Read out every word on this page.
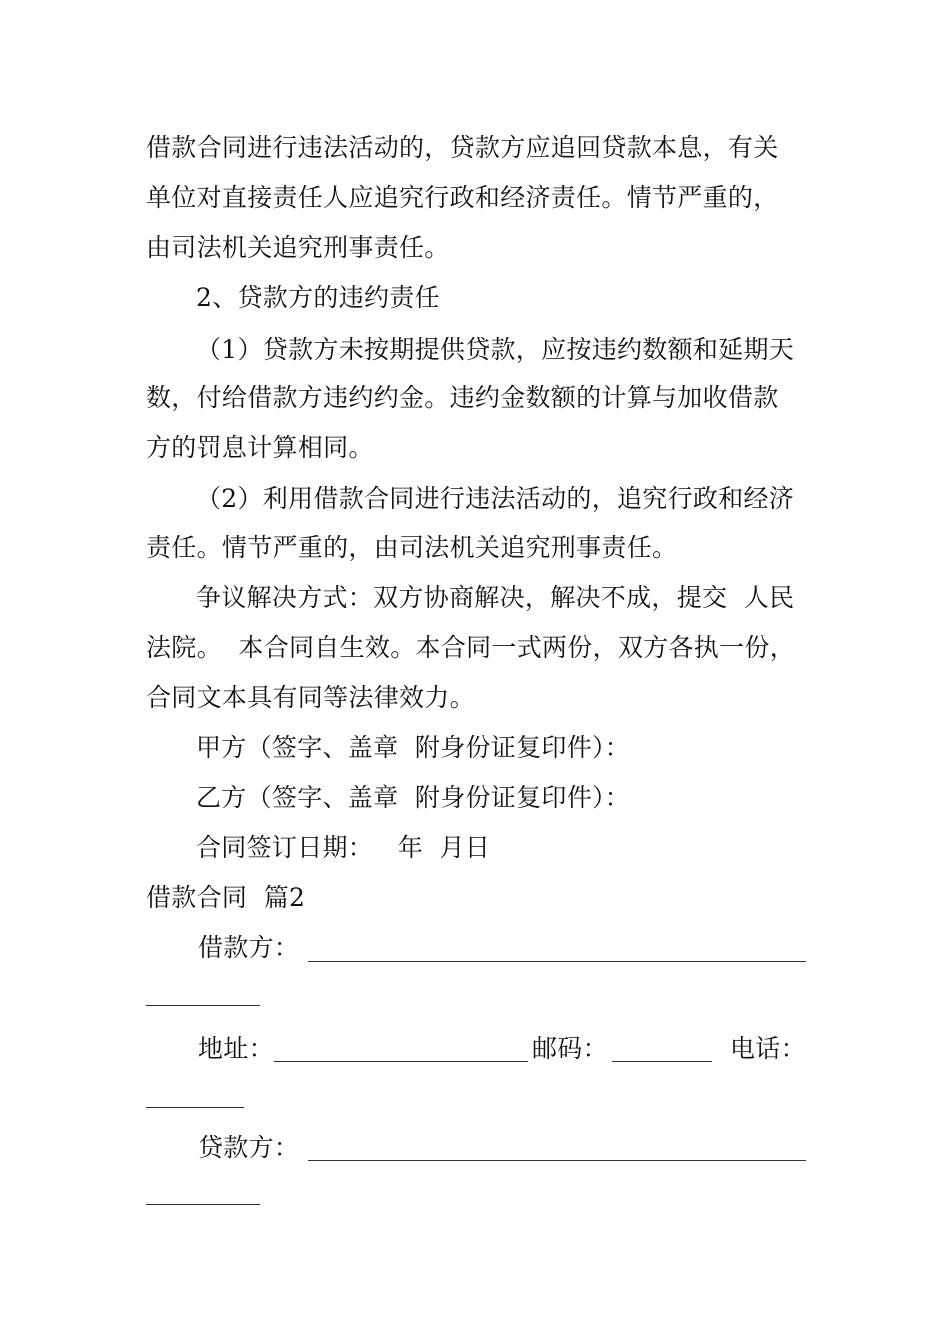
借款合同进行违法活动的，贷款方应追回贷款本息，有关
单位对直接责任人应追究行政和经济责任。情节严重的，
由司法机关追究刑事责任。
2、贷款方的违约责任
（1）贷款方未按期提供贷款，应按违约数额和延期天
数，付给借款方违约约金。违约金数额的计算与加收借款
方的罚息计算相同。
（2）利用借款合同进行违法活动的，追究行政和经济
责任。情节严重的，由司法机关追究刑事责任。
争议解决方式：双方协商解决，解决不成，提交  人民
法院。  本合同自生效。本合同一式两份，双方各执一份，
合同文本具有同等法律效力。
甲方（签字、盖章  附身份证复印件）：
乙方（签字、盖章  附身份证复印件）：
合同签订日期：   年  月日
借款合同  篇2
借款方：
地址：	邮码：	电话：
贷款方：
